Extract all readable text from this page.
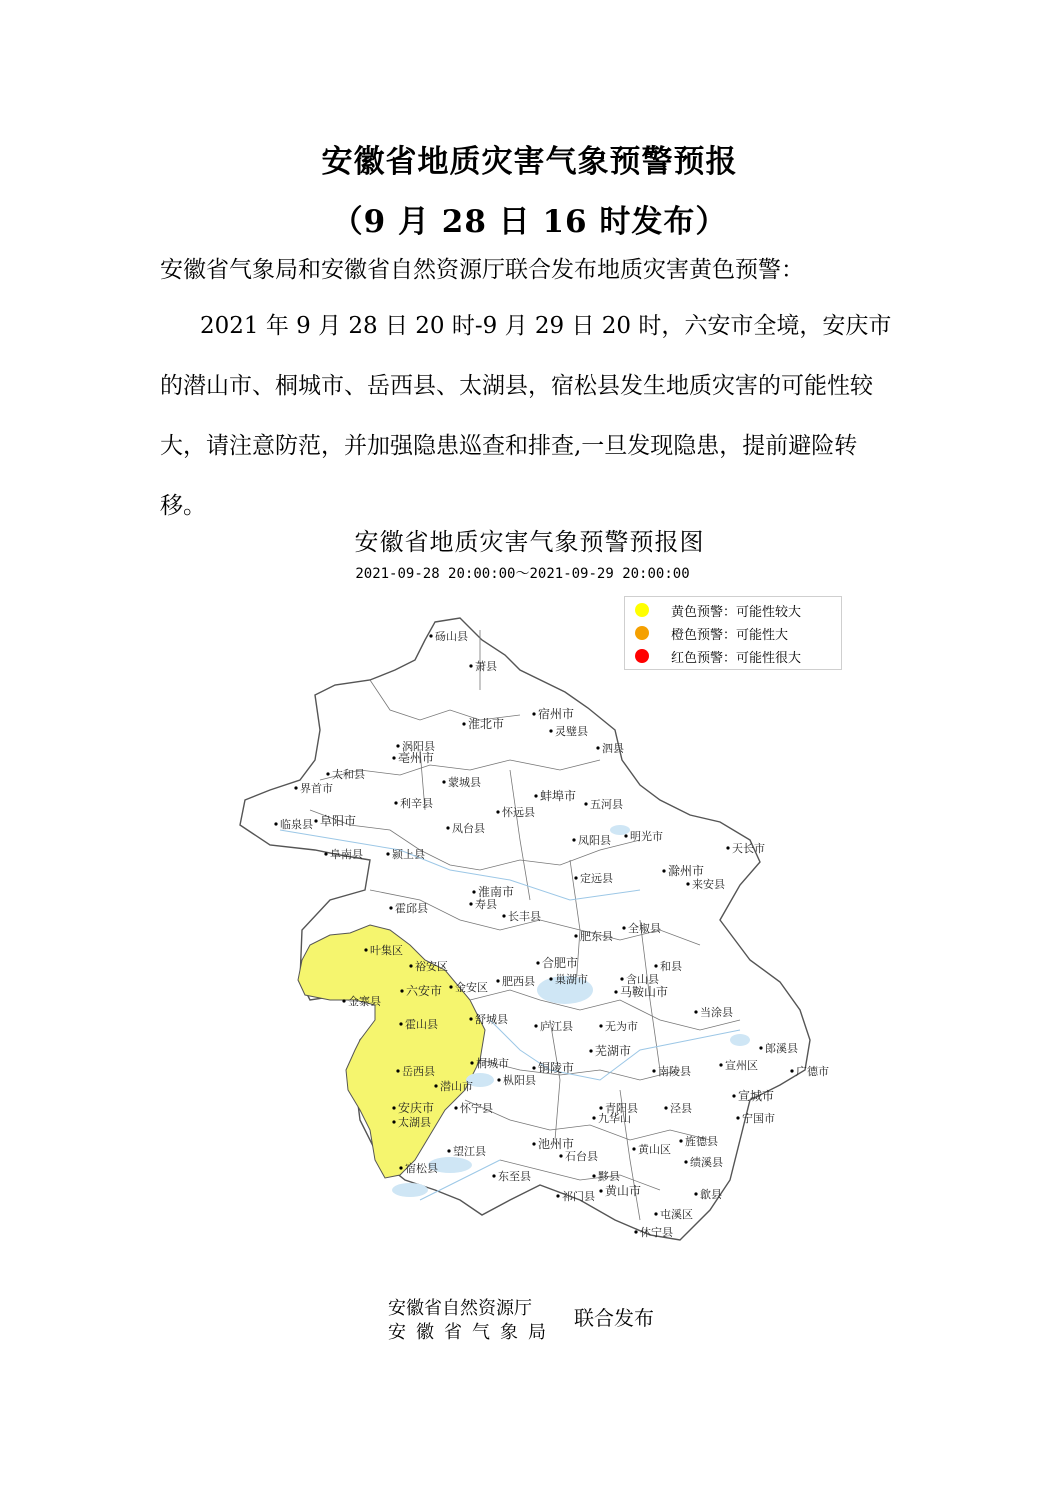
安徽省地质灾害气象预警预报
（9 月 28 日 16 时发布）
安徽省气象局和安徽省自然资源厅联合发布地质灾害黄色预警：
2021 年 9 月 28 日 20 时-9 月 29 日 20 时，六安市全境，安庆市的潜山市、桐城市、岳西县、太湖县，宿松县发生地质灾害的可能性较大，请注意防范，并加强隐患巡查和排查,一旦发现隐患，提前避险转移。
安徽省地质灾害气象预警预报图
2021-09-28 20:00:00～2021-09-29 20:00:00
砀山县
萧县
淮北市
宿州市
灵璧县
泗县
亳州市
涡阳县
蒙城县
利辛县
太和县
界首市
阜阳市
临泉县
阜南县	颍上县
蚌埠市
五河县
怀远县
凤阳县 明光市
天长市
滁州市
来安县
定远县
淮南市
凤台县
寿县
长丰县
霍邱县
叶集区
裕安区
六安市
金寨县
金安区
霍山县	舒城县
合肥市
肥东县
肥西县 巢湖市
庐江县
全椒县
含山县
和县
马鞍山市
当涂县
无为市
芜湖市
南陵县	宣州区
郎溪县
广德市
宣城市
宁国市
泾县
铜陵市
枞阳县
桐城市
岳西县
潜山市
安庆市
太湖县
怀宁县
望江县
宿松县
东至县
池州市
石台县
青阳县
九华山
黄山区
旌德县
绩溪县
黄山市
黟县
祁门县	歙县
休宁县
屯溪区
黄色预警：可能性较大
橙色预警：可能性大
红色预警：可能性很大
安徽省自然资源厅
安徽省气象局
联合发布
